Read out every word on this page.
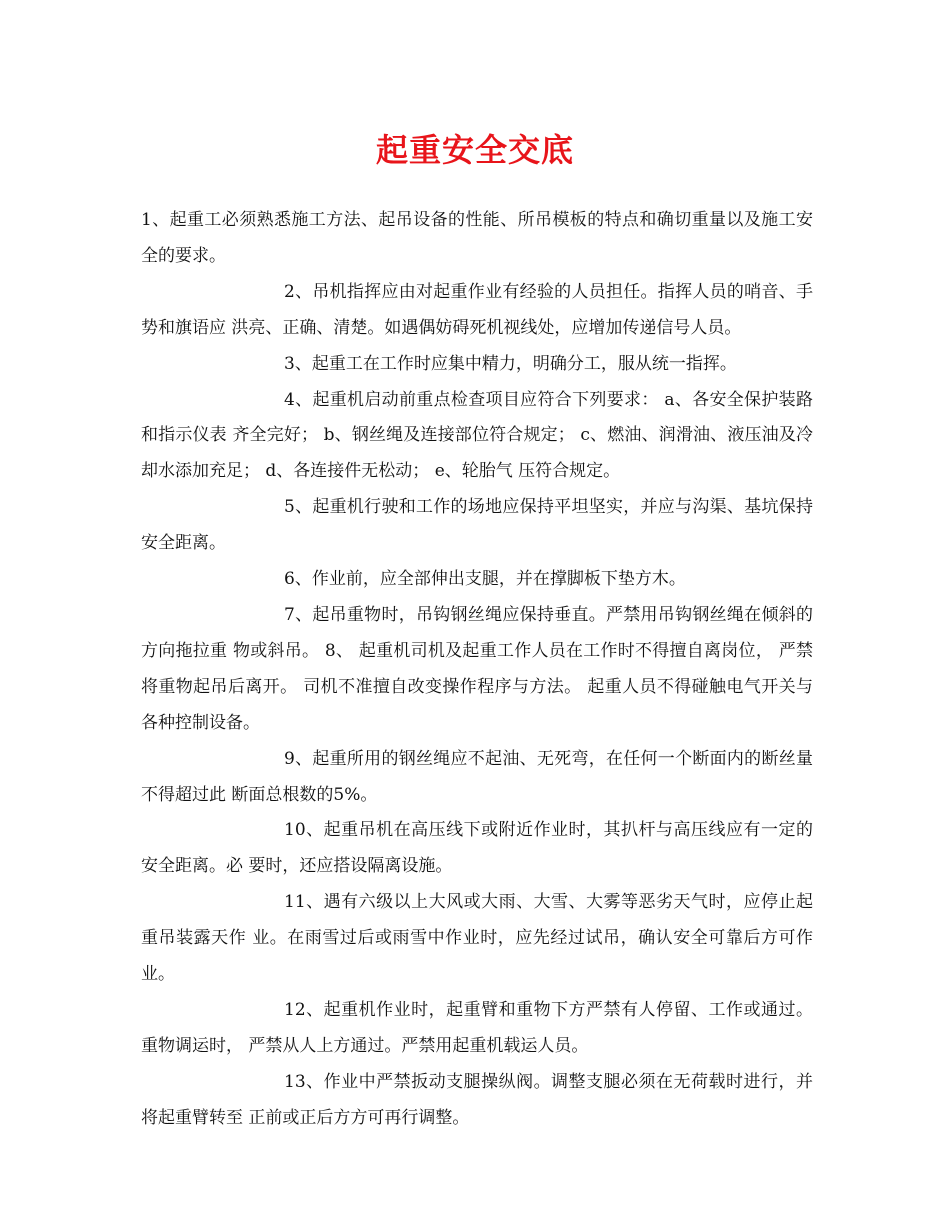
起重安全交底

1、起重工必须熟悉施工方法、起吊设备的性能、所吊模板的特点和确切重量以及施工安全的要求。

2、吊机指挥应由对起重作业有经验的人员担任。指挥人员的哨音、手势和旗语应 洪亮、正确、清楚。如遇偶妨碍死机视线处，应增加传递信号人员。

3、起重工在工作时应集中精力，明确分工，服从统一指挥。

4、起重机启动前重点检查项目应符合下列要求： a、各安全保护装路和指示仪表 齐全完好； b、钢丝绳及连接部位符合规定； c、燃油、润滑油、液压油及冷却水添加充足； d、各连接件无松动； e、轮胎气 压符合规定。

5、起重机行驶和工作的场地应保持平坦坚实，并应与沟渠、基坑保持安全距离。

6、作业前，应全部伸出支腿，并在撑脚板下垫方木。

7、起吊重物时，吊钩钢丝绳应保持垂直。严禁用吊钩钢丝绳在倾斜的方向拖拉重 物或斜吊。 8、 起重机司机及起重工作人员在工作时不得擅自离岗位， 严禁将重物起吊后离开。 司机不准擅自改变操作程序与方法。 起重人员不得碰触电气开关与各种控制设备。

9、起重所用的钢丝绳应不起油、无死弯，在任何一个断面内的断丝量不得超过此 断面总根数的5%。

10、起重吊机在高压线下或附近作业时，其扒杆与高压线应有一定的安全距离。必 要时，还应搭设隔离设施。

11、遇有六级以上大风或大雨、大雪、大雾等恶劣天气时，应停止起重吊装露天作 业。在雨雪过后或雨雪中作业时，应先经过试吊，确认安全可靠后方可作业。

12、起重机作业时，起重臂和重物下方严禁有人停留、工作或通过。重物调运时， 严禁从人上方通过。严禁用起重机载运人员。

13、作业中严禁扳动支腿操纵阀。调整支腿必须在无荷载时进行，并将起重臂转至 正前或正后方方可再行调整。
